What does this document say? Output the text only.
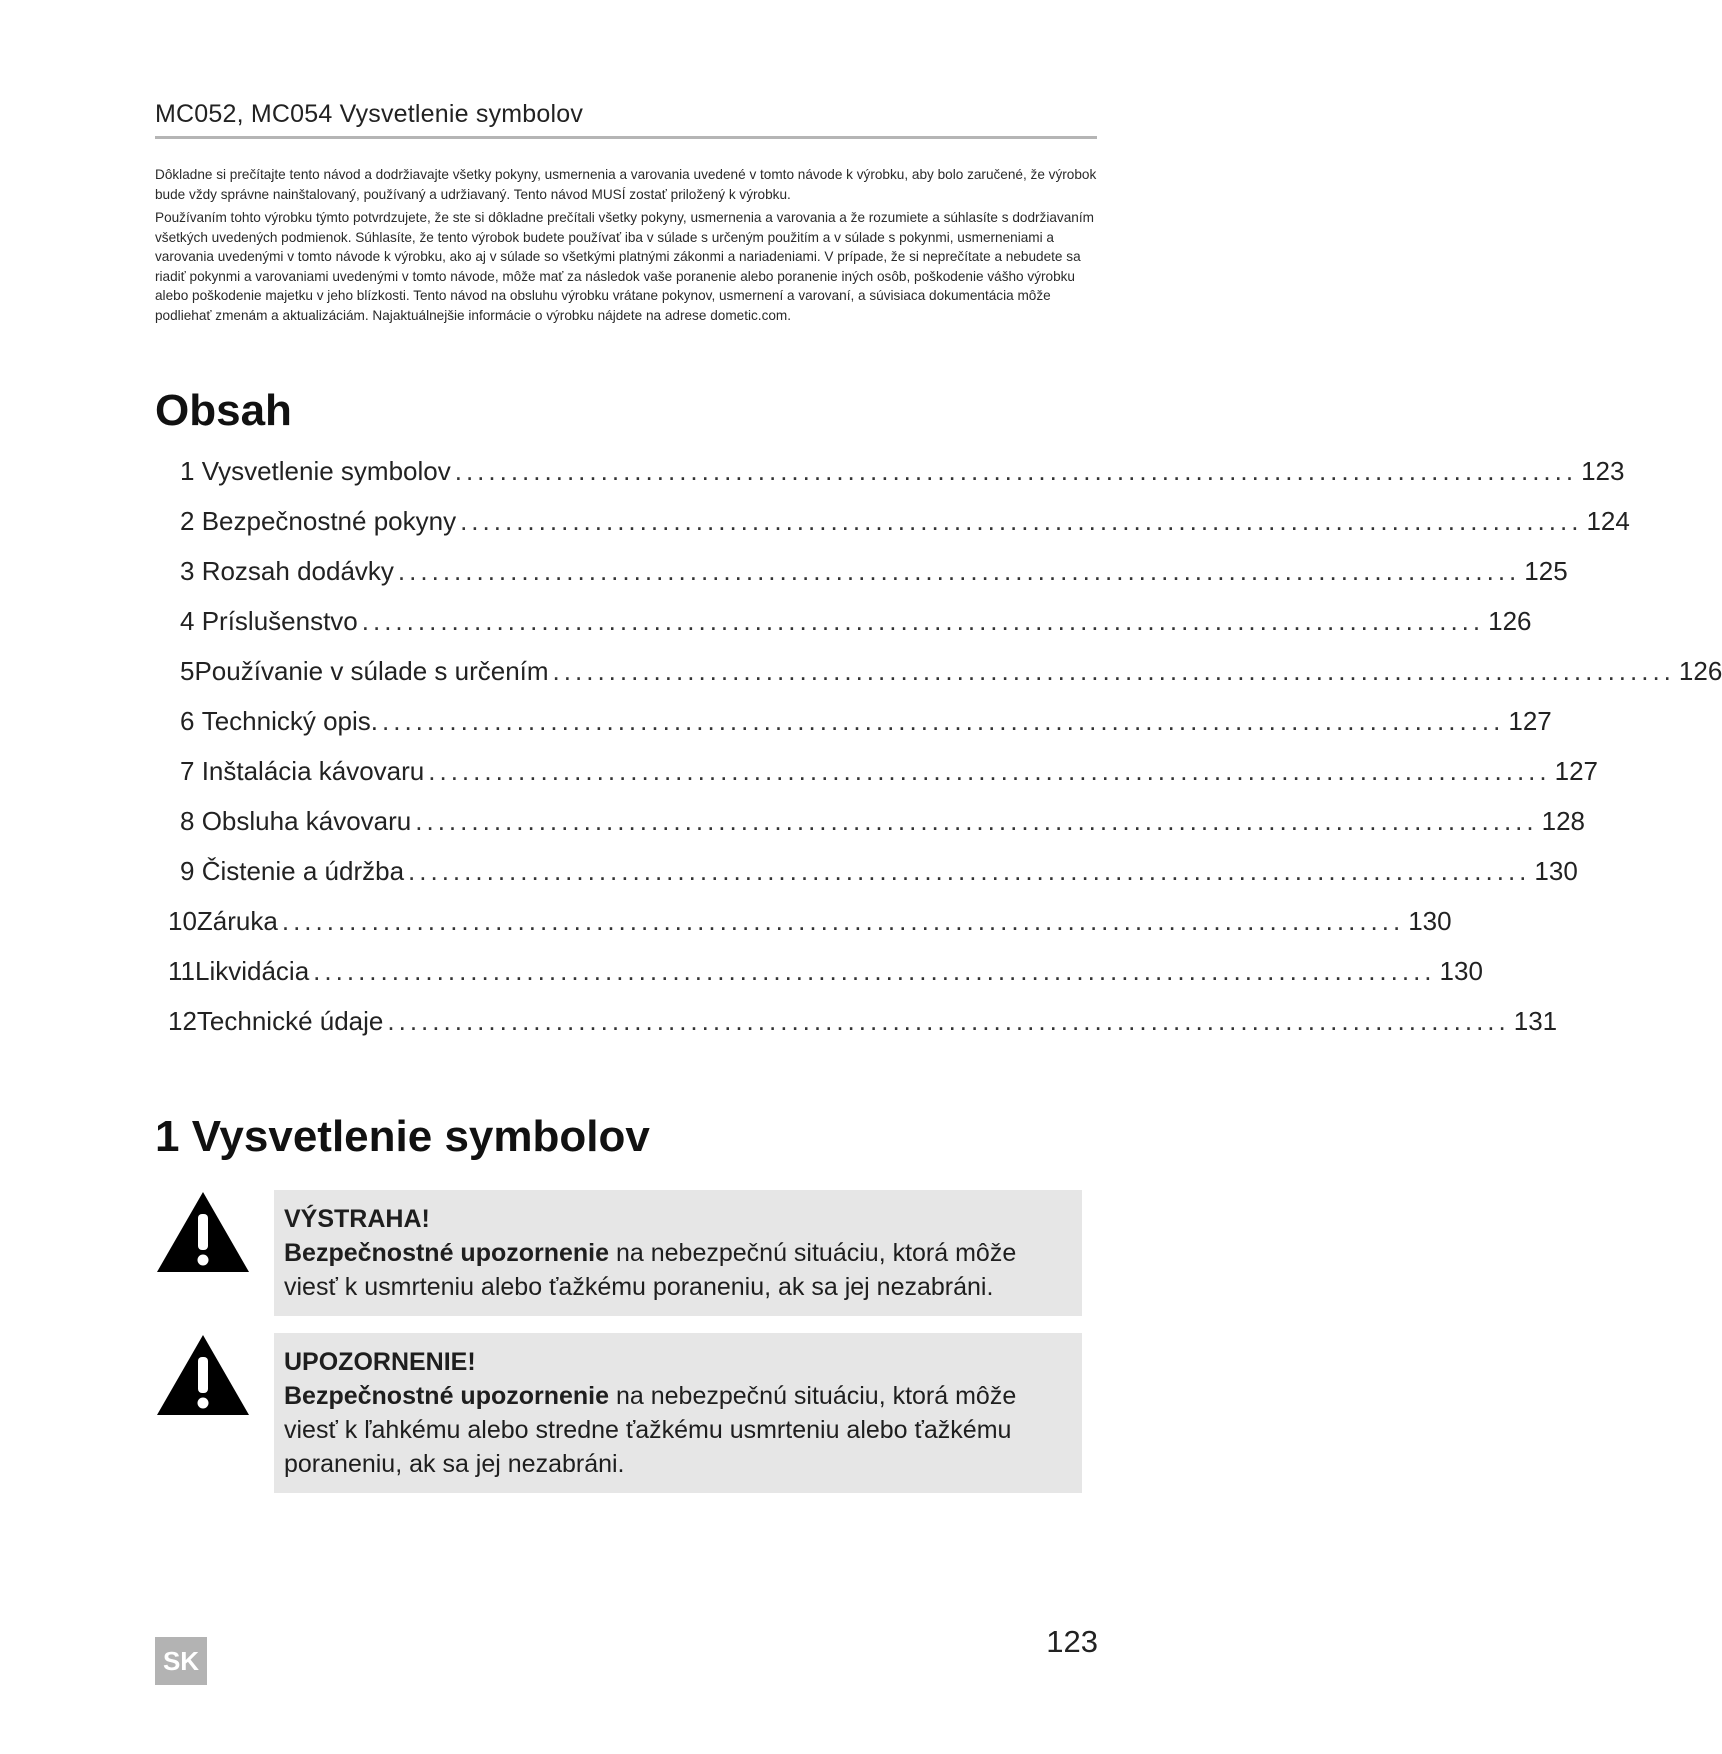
MC052, MC054 Vysvetlenie symbolov
Dôkladne si prečítajte tento návod a dodržiavajte všetky pokyny, usmernenia a varovania uvedené v tomto návode k výrobku, aby bolo zaručené, že výrobok bude vždy správne nainštalovaný, používaný a udržiavaný. Tento návod MUSÍ zostať priložený k výrobku.
Používaním tohto výrobku týmto potvrdzujete, že ste si dôkladne prečítali všetky pokyny, usmernenia a varovania a že rozumiete a súhlasíte s dodržiavaním všetkých uvedených podmienok. Súhlasíte, že tento výrobok budete používať iba v súlade s určeným použitím a v súlade s pokynmi, usmerneniami a varovania uvedenými v tomto návode k výrobku, ako aj v súlade so všetkými platnými zákonmi a nariadeniami. V prípade, že si neprečítate a nebudete sa riadiť pokynmi a varovaniami uvedenými v tomto návode, môže mať za následok vaše poranenie alebo poranenie iných osôb, poškodenie vášho výrobku alebo poškodenie majetku v jeho blízkosti. Tento návod na obsluhu výrobku vrátane pokynov, usmernení a varovaní, a súvisiaca dokumentácia môže podliehať zmenám a aktualizáciám. Najaktuálnejšie informácie o výrobku nájdete na adrese dometic.com.
Obsah
1 Vysvetlenie symbolov .................................................................................................... 123
2 Bezpečnostné pokyny .................................................................................................... 124
3 Rozsah dodávky .................................................................................................... 125
4 Príslušenstvo .................................................................................................... 126
5 Používanie v súlade s určením .................................................................................................... 126
6 Technický opis. .................................................................................................... 127
7 Inštalácia kávovaru .................................................................................................... 127
8 Obsluha kávovaru .................................................................................................... 128
9 Čistenie a údržba .................................................................................................... 130
10 Záruka .................................................................................................... 130
11 Likvidácia .................................................................................................... 130
12 Technické údaje .................................................................................................... 131
1 Vysvetlenie symbolov
VÝSTRAHA!
Bezpečnostné upozornenie na nebezpečnú situáciu, ktorá môže viesť k usmrteniu alebo ťažkému poraneniu, ak sa jej nezabráni.
UPOZORNENIE!
Bezpečnostné upozornenie na nebezpečnú situáciu, ktorá môže viesť k ľahkému alebo stredne ťažkému usmrteniu alebo ťažkému poraneniu, ak sa jej nezabráni.
SK
123
